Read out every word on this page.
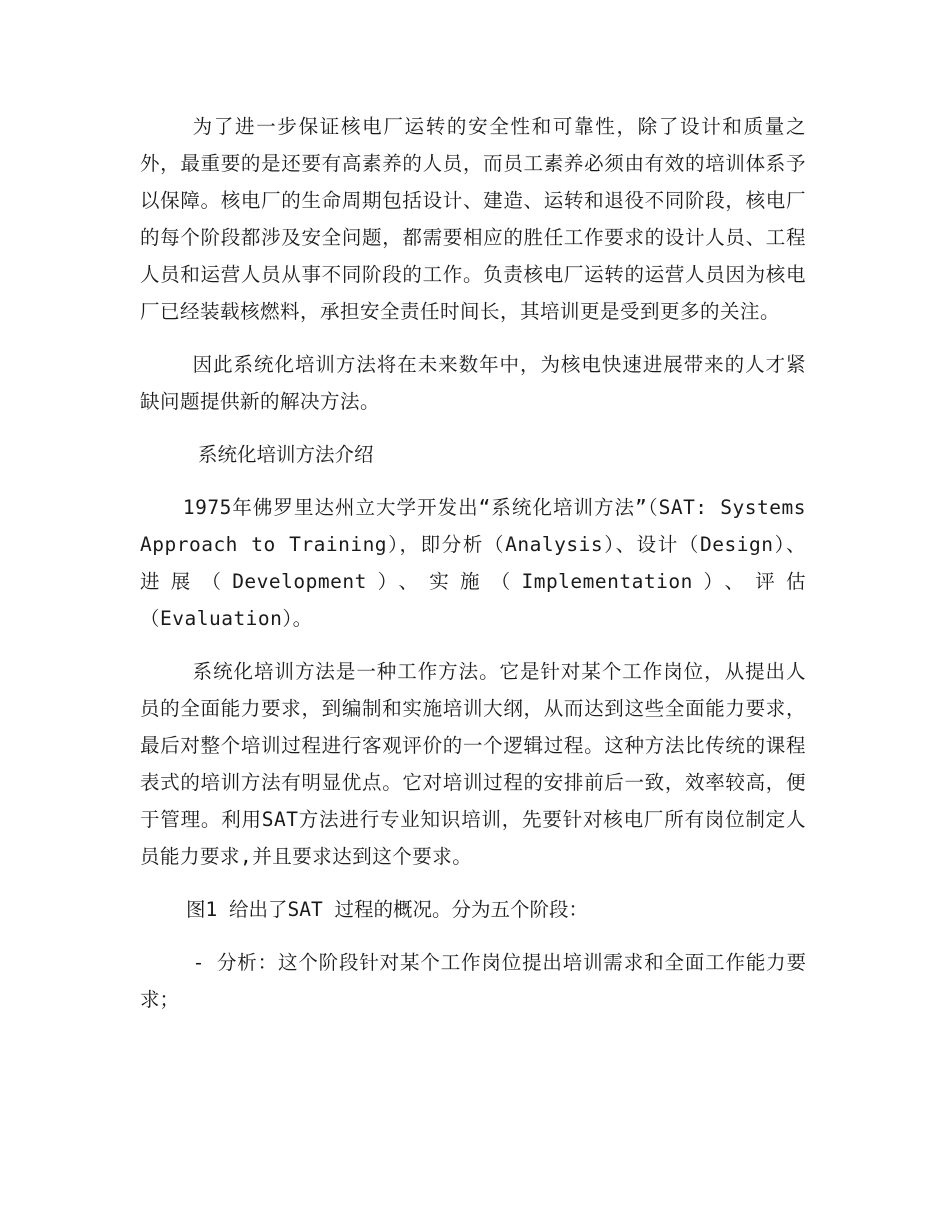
为了进一步保证核电厂运转的安全性和可靠性，除了设计和质量之外，最重要的是还要有高素养的人员，而员工素养必须由有效的培训体系予以保障。核电厂的生命周期包括设计、建造、运转和退役不同阶段，核电厂的每个阶段都涉及安全问题，都需要相应的胜任工作要求的设计人员、工程人员和运营人员从事不同阶段的工作。负责核电厂运转的运营人员因为核电厂已经装载核燃料，承担安全责任时间长，其培训更是受到更多的关注。

因此系统化培训方法将在未来数年中，为核电快速进展带来的人才紧缺问题提供新的解决方法。

系统化培训方法介绍

1975年佛罗里达州立大学开发出“系统化培训方法”（SAT: Systems Approach to Training），即分析（Analysis）、设计（Design）、进展（Development）、实施（Implementation）、评估（Evaluation）。

系统化培训方法是一种工作方法。它是针对某个工作岗位，从提出人员的全面能力要求，到编制和实施培训大纲，从而达到这些全面能力要求，最后对整个培训过程进行客观评价的一个逻辑过程。这种方法比传统的课程表式的培训方法有明显优点。它对培训过程的安排前后一致，效率较高，便于管理。利用SAT方法进行专业知识培训，先要针对核电厂所有岗位制定人员能力要求,并且要求达到这个要求。

图1 给出了SAT 过程的概况。分为五个阶段：

- 分析：这个阶段针对某个工作岗位提出培训需求和全面工作能力要求；
